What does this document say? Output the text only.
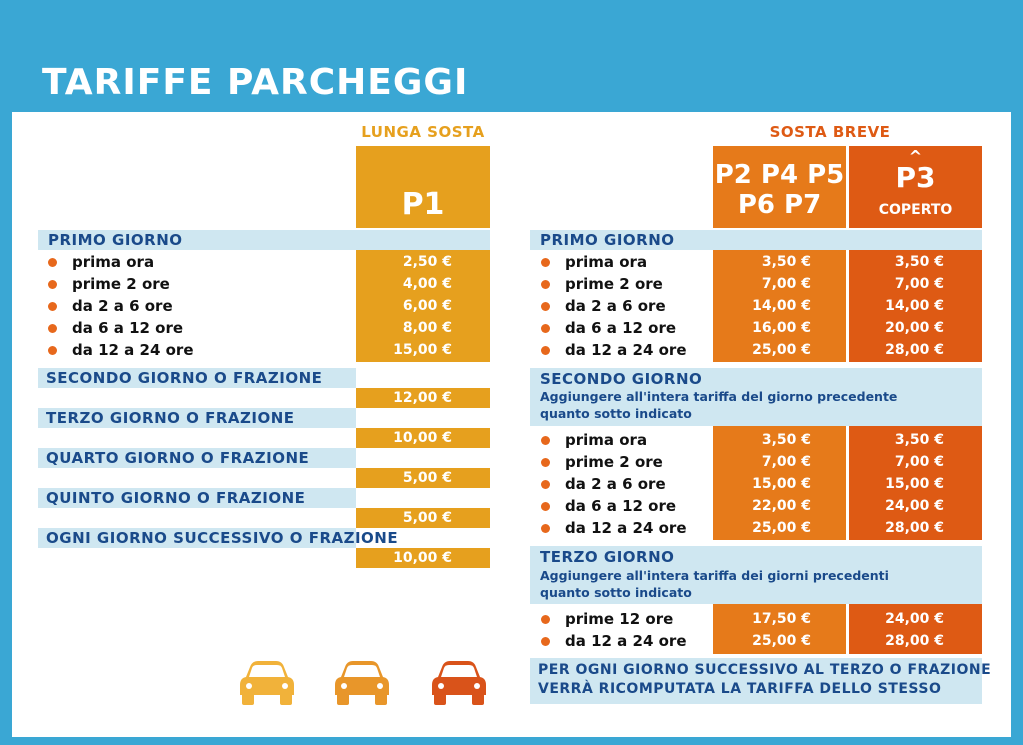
TARIFFE PARCHEGGI
LUNGA SOSTA
P1
PRIMO GIORNO
prima ora	2,50 €
prime 2 ore	4,00 €
da 2 a 6 ore	6,00 €
da 6 a 12 ore	8,00 €
da 12 a 24 ore	15,00 €
SECONDO GIORNO O FRAZIONE
12,00 €
TERZO GIORNO O FRAZIONE
10,00 €
QUARTO GIORNO O FRAZIONE
5,00 €
QUINTO GIORNO O FRAZIONE
5,00 €
OGNI GIORNO SUCCESSIVO O FRAZIONE
10,00 €
SOSTA BREVE
P2 P4 P5
P6 P7
^
P3
COPERTO
PRIMO GIORNO
prima ora	3,50 €	3,50 €
prime 2 ore	7,00 €	7,00 €
da 2 a 6 ore	14,00 €	14,00 €
da 6 a 12 ore	16,00 €	20,00 €
da 12 a 24 ore	25,00 €	28,00 €
SECONDO GIORNO
Aggiungere all'intera tariffa del giorno precedente
quanto sotto indicato
prima ora	3,50 €	3,50 €
prime 2 ore	7,00 €	7,00 €
da 2 a 6 ore	15,00 €	15,00 €
da 6 a 12 ore	22,00 €	24,00 €
da 12 a 24 ore	25,00 €	28,00 €
TERZO GIORNO
Aggiungere all'intera tariffa dei giorni precedenti
quanto sotto indicato
prime 12 ore	17,50 €	24,00 €
da 12 a 24 ore	25,00 €	28,00 €
PER OGNI GIORNO SUCCESSIVO AL TERZO O FRAZIONE
VERRÀ RICOMPUTATA LA TARIFFA DELLO STESSO
